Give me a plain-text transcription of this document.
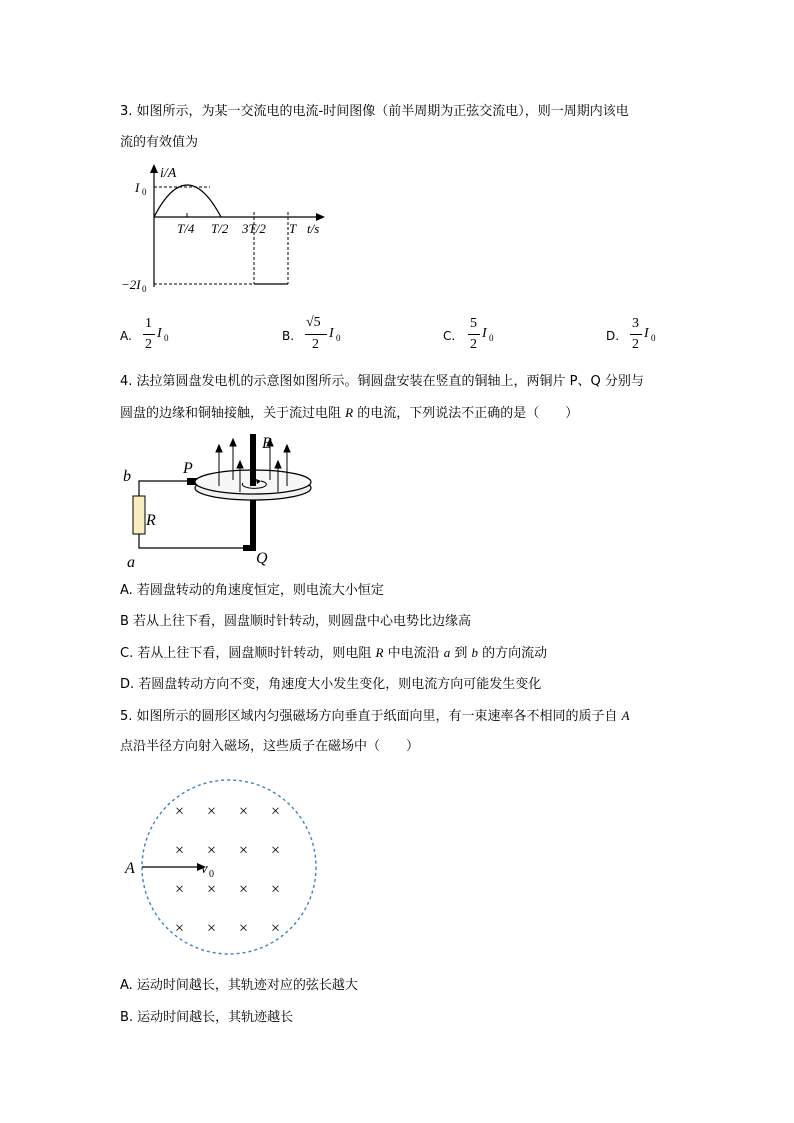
3. 如图所示，为某一交流电的电流-时间图像（前半周期为正弦交流电），则一周期内该电
流的有效值为
i/A
I 0
−2I 0
T/4 T/2 3T/2 T t/s
A.
1
2
I 0	B.
√5
2
I 0	C.
5
2
I 0	D.
3
2
I 0
4. 法拉第圆盘发电机的示意图如图所示。铜圆盘安装在竖直的铜轴上，两铜片 P、Q 分别与
圆盘的边缘和铜轴接触，关于流过电阻 R 的电流，下列说法不正确的是（　　）
b
a
P
Q
R
B
A. 若圆盘转动的角速度恒定，则电流大小恒定
B 若从上往下看，圆盘顺时针转动，则圆盘中心电势比边缘高
C. 若从上往下看，圆盘顺时针转动，则电阻 R 中电流沿 a 到 b 的方向流动
D. 若圆盘转动方向不变，角速度大小发生变化，则电流方向可能发生变化
5. 如图所示的圆形区域内匀强磁场方向垂直于纸面向里，有一束速率各不相同的质子自 A
点沿半径方向射入磁场，这些质子在磁场中（　　）
A	v 0
× × × ×
× × × ×
× × × ×
× × × ×
A. 运动时间越长，其轨迹对应的弦长越大
B. 运动时间越长，其轨迹越长
